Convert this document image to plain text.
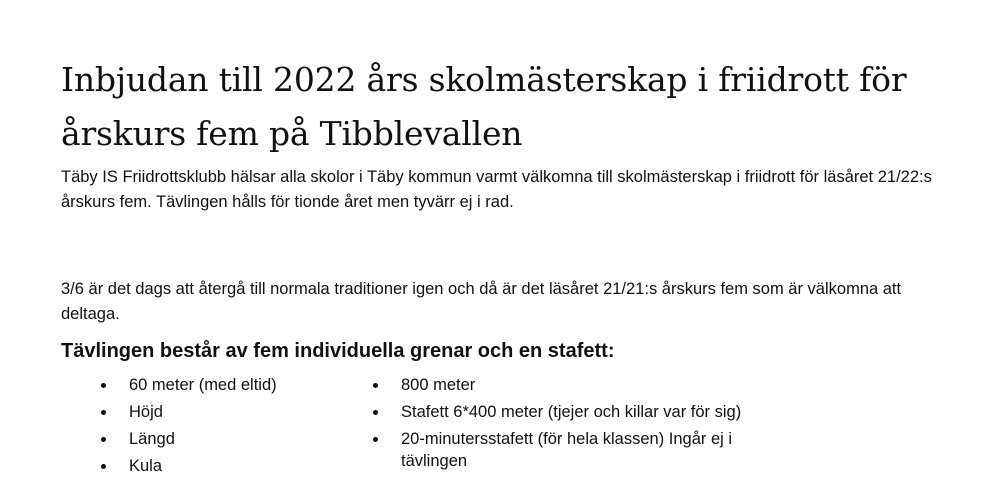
Inbjudan till 2022 års skolmästerskap i friidrott för årskurs fem på Tibblevallen

Täby IS Friidrottsklubb hälsar alla skolor i Täby kommun varmt välkomna till skolmästerskap i friidrott för läsåret 21/22:s årskurs fem. Tävlingen hålls för tionde året men tyvärr ej i rad.

3/6 är det dags att återgå till normala traditioner igen och då är det läsåret 21/21:s årskurs fem som är välkomna att deltaga.

Tävlingen består av fem individuella grenar och en stafett:
60 meter (med eltid)
Höjd
Längd
Kula
800 meter
Stafett 6*400 meter (tjejer och killar var för sig)
20-minutersstafett (för hela klassen) Ingår ej i tävlingen
